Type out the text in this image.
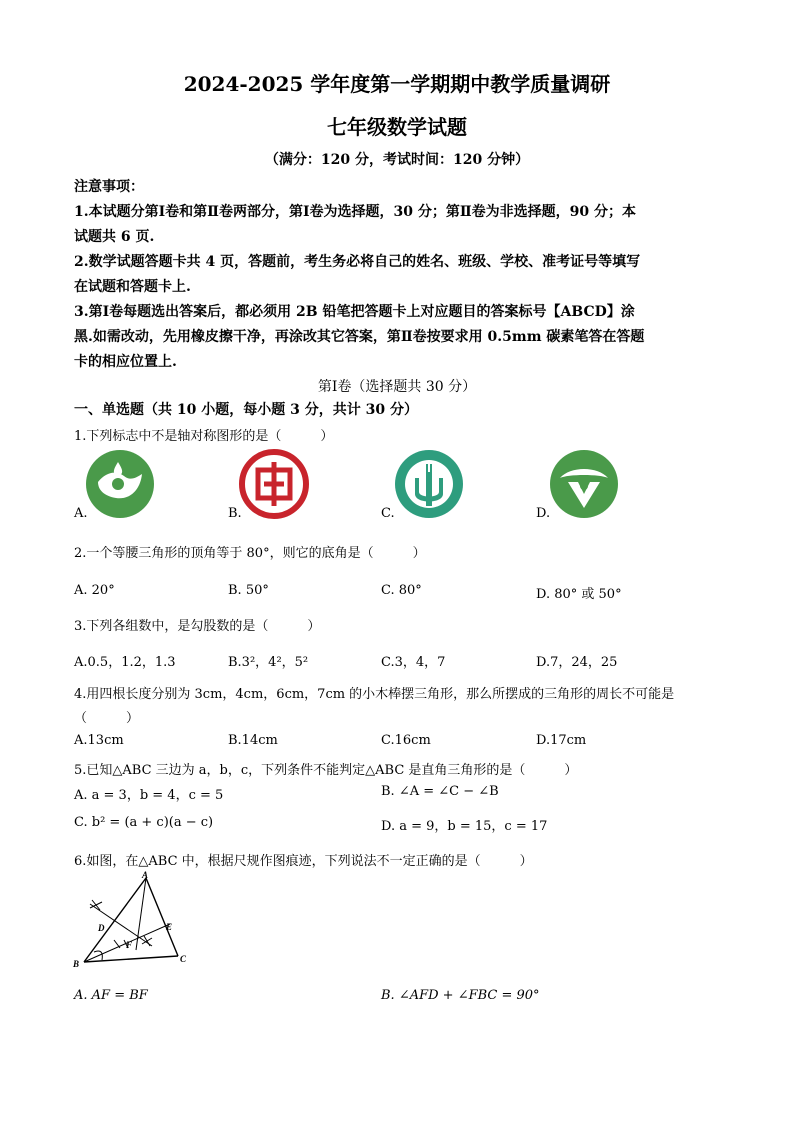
2024-2025 学年度第一学期期中教学质量调研
七年级数学试题
（满分：120 分，考试时间：120 分钟）
注意事项：
1.本试题分第Ⅰ卷和第Ⅱ卷两部分，第Ⅰ卷为选择题，30 分；第Ⅱ卷为非选择题，90 分；本
试题共 6 页.
2.数学试题答题卡共 4 页，答题前，考生务必将自己的姓名、班级、学校、准考证号等填写
在试题和答题卡上.
3.第Ⅰ卷每题选出答案后，都必须用 2B 铅笔把答题卡上对应题目的答案标号【ABCD】涂
黑.如需改动，先用橡皮擦干净，再涂改其它答案，第Ⅱ卷按要求用 0.5mm 碳素笔答在答题
卡的相应位置上.
第Ⅰ卷（选择题共 30 分）
一、单选题（共 10 小题，每小题 3 分，共计 30 分）
1.下列标志中不是轴对称图形的是（　　　）
A.	B.	C.	D.
2.一个等腰三角形的顶角等于 80°，则它的底角是（　　　）
A. 20°	B. 50°	C. 80°	D. 80° 或 50°
3.下列各组数中，是勾股数的是（　　　）
A.0.5，1.2，1.3	B.3²，4²，5²	C.3，4，7	D.7，24，25
4.用四根长度分别为 3cm，4cm，6cm，7cm 的小木棒摆三角形，那么所摆成的三角形的周长不可能是
（　　　）
A.13cm	B.14cm	C.16cm	D.17cm
5.已知△ABC 三边为 a，b，c，下列条件不能判定△ABC 是直角三角形的是（　　　）
A. a = 3，b = 4，c = 5	B. ∠A = ∠C − ∠B
C. b² = (a + c)(a − c)	D. a = 9，b = 15，c = 17
6.如图，在△ABC 中，根据尺规作图痕迹，下列说法不一定正确的是（　　　）
A
B	C
D	E
F
A. AF = BF	B. ∠AFD + ∠FBC = 90°
